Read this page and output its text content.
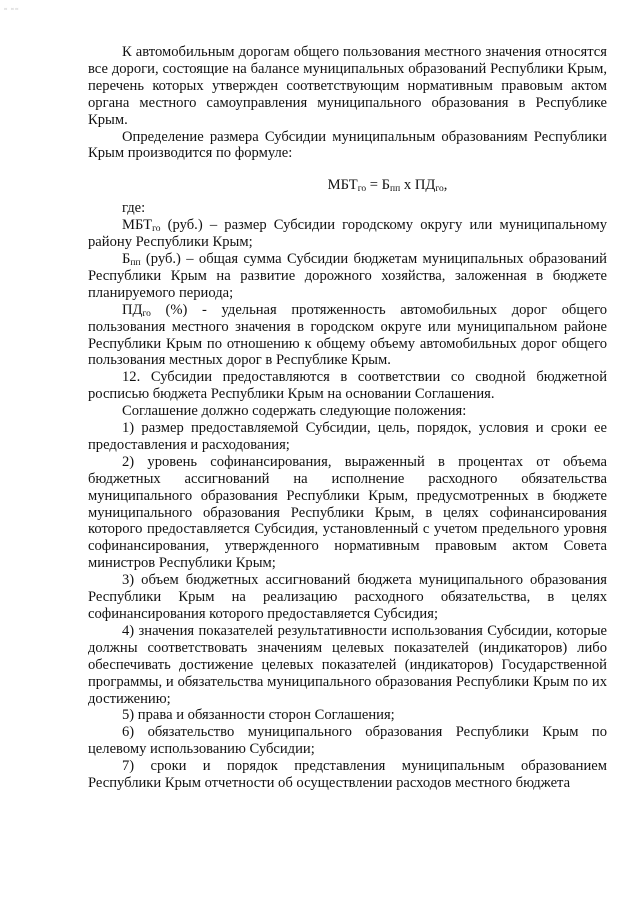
≈ ≈≈

К автомобильным дорогам общего пользования местного значения относятся все дороги, состоящие на балансе муниципальных образований Республики Крым, перечень которых утвержден соответствующим нормативным правовым актом органа местного самоуправления муниципального образования в Республике Крым.

Определение размера Субсидии муниципальным образованиям Республики Крым производится по формуле:

$МБТ_{го} = Б_{пп}$ х $ПД_{го}$,

где:

$МБТ_{го}$ (руб.) – размер Субсидии городскому округу или муниципальному району Республики Крым;

$Б_{пп}$ (руб.) – общая сумма Субсидии бюджетам муниципальных образований Республики Крым на развитие дорожного хозяйства, заложенная в бюджете планируемого периода;

$ПД_{го}$ (%) - удельная протяженность автомобильных дорог общего пользования местного значения в городском округе или муниципальном районе Республики Крым по отношению к общему объему автомобильных дорог общего пользования местных дорог в Республике Крым.

12. Субсидии предоставляются в соответствии со сводной бюджетной росписью бюджета Республики Крым на основании Соглашения.

Соглашение должно содержать следующие положения:

1) размер предоставляемой Субсидии, цель, порядок, условия и сроки ее предоставления и расходования;

2) уровень софинансирования, выраженный в процентах от объема бюджетных ассигнований на исполнение расходного обязательства муниципального образования Республики Крым, предусмотренных в бюджете муниципального образования Республики Крым, в целях софинансирования которого предоставляется Субсидия, установленный с учетом предельного уровня софинансирования, утвержденного нормативным правовым актом Совета министров Республики Крым;

3) объем бюджетных ассигнований бюджета муниципального образования Республики Крым на реализацию расходного обязательства, в целях софинансирования которого предоставляется Субсидия;

4) значения показателей результативности использования Субсидии, которые должны соответствовать значениям целевых показателей (индикаторов) либо обеспечивать достижение целевых показателей (индикаторов) Государственной программы, и обязательства муниципального образования Республики Крым по их достижению;

5) права и обязанности сторон Соглашения;

6) обязательство муниципального образования Республики Крым по целевому использованию Субсидии;

7) сроки и порядок представления муниципальным образованием Республики Крым отчетности об осуществлении расходов местного бюджета
